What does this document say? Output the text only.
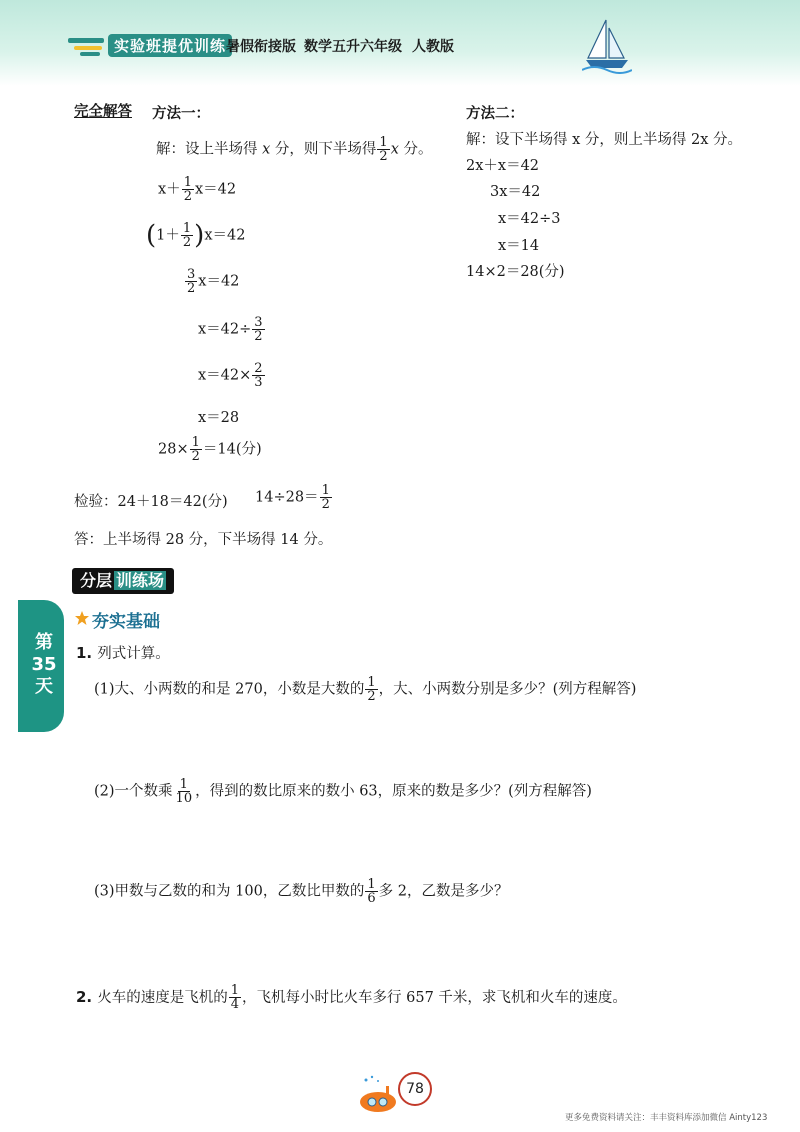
实验班提优训练 暑假衔接版 数学五升六年级 人教版
完全解答 方法一：
解：设上半场得 x 分，则下半场得 $\frac{1}{2}$ x 分。
$x+ \frac{1}{2} x=42$
$(1+ \frac{1}{2} )x=42$
$\frac{3}{2} x=42$
$x=42\div \frac{3}{2}$
$x=42\times \frac{2}{3}$
x＝28
$28\times \frac{1}{2} =14$(分)
方法二：
解：设下半场得 x 分，则上半场得 2x 分。
2x＋x＝42
3x＝42
x＝42÷3
x＝14
14×2＝28(分)
检验：24＋18＝42(分) $14\div 28= \frac{1}{2}$
答：上半场得 28 分，下半场得 14 分。
分层 训练场
夯实基础
第35天
1. 列式计算。
(1)大、小两数的和是 270，小数是大数的 $\frac{1}{2}$ ，大、小两数分别是多少？(列方程解答)
(2)一个数乘 $\frac{1}{10}$ ，得到的数比原来的数小 63，原来的数是多少？(列方程解答)
(3)甲数与乙数的和为 100，乙数比甲数的 $\frac{1}{6}$ 多 2，乙数是多少？
2. 火车的速度是飞机的 $\frac{1}{4}$ ，飞机每小时比火车多行 657 千米，求飞机和火车的速度。
78
更多免费资料请关注：丰丰资料库添加微信 Ainty123
